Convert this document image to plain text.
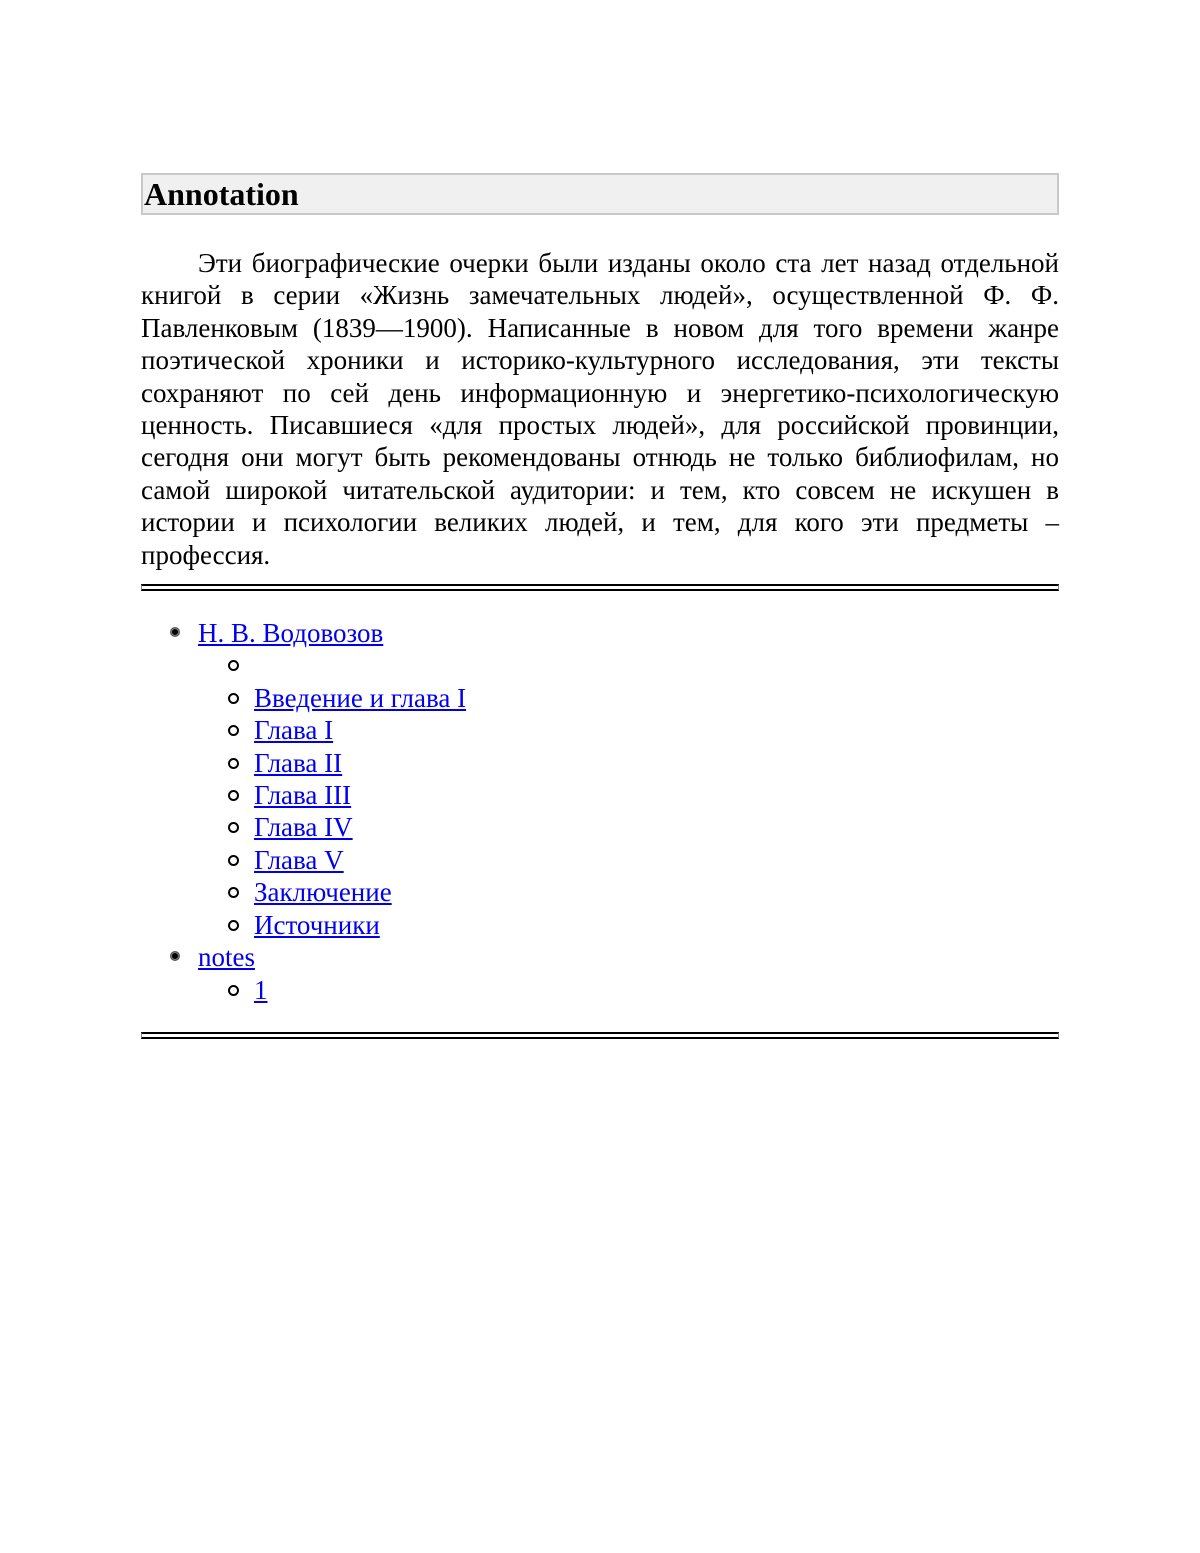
Annotation

Эти биографические очерки были изданы около ста лет назад отдельной книгой в серии «Жизнь замечательных людей», осуществленной Ф. Ф. Павленковым (1839—1900). Написанные в новом для того времени жанре поэтической хроники и историко-культурного исследования, эти тексты сохраняют по сей день информационную и энергетико-психологическую ценность. Писавшиеся «для простых людей», для российской провинции, сегодня они могут быть рекомендованы отнюдь не только библиофилам, но самой широкой читательской аудитории: и тем, кто совсем не искушен в истории и психологии великих людей, и тем, для кого эти предметы – профессия.

Н. В. Водовозов
Введение и глава I
Глава I
Глава II
Глава III
Глава IV
Глава V
Заключение
Источники
notes
1
